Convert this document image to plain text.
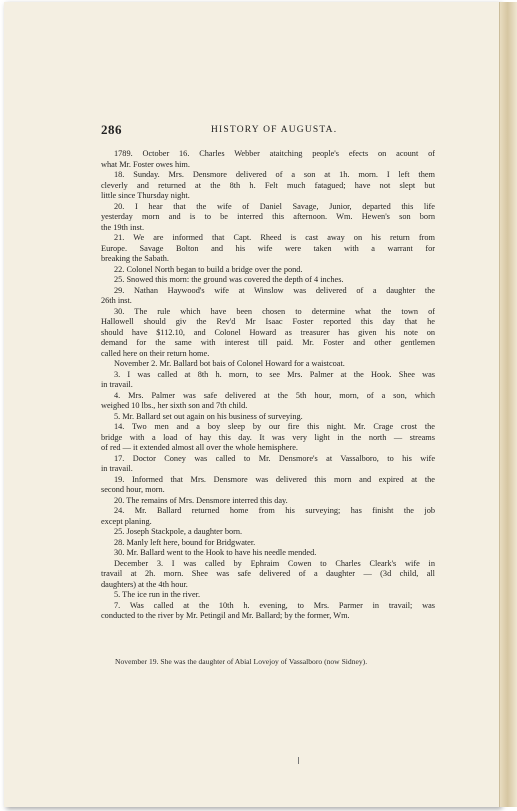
286	HISTORY OF AUGUSTA.
1789. October 16. Charles Webber ataitching people's efects on acount of
what Mr. Foster owes him.
18. Sunday. Mrs. Densmore delivered of a son at 1h. morn. I left them
cleverly and returned at the 8th h. Felt much fatagued; have not slept but
little since Thursday night.
20. I hear that the wife of Daniel Savage, Junior, departed this life
yesterday morn and is to be interred this afternoon. Wm. Hewen's son born
the 19th inst.
21. We are informed that Capt. Rheed is cast away on his return from
Europe. Savage Bolton and his wife were taken with a warrant for
breaking the Sabath.
22. Colonel North began to build a bridge over the pond.
25. Snowed this morn: the ground was covered the depth of 4 inches.
29. Nathan Haywood's wife at Winslow was delivered of a daughter the
26th inst.
30. The rule which have been chosen to determine what the town of
Hallowell should giv the Rev'd Mr Isaac Foster reported this day that he
should have $112.10, and Colonel Howard as treasurer has given his note on
demand for the same with interest till paid. Mr. Foster and other gentlemen
called here on their return home.
November 2. Mr. Ballard bot bais of Colonel Howard for a waistcoat.
3. I was called at 8th h. morn, to see Mrs. Palmer at the Hook. Shee was
in travail.
4. Mrs. Palmer was safe delivered at the 5th hour, morn, of a son, which
weighed 10 lbs., her sixth son and 7th child.
5. Mr. Ballard set out again on his business of surveying.
14. Two men and a boy sleep by our fire this night. Mr. Crage crost the
bridge with a load of hay this day. It was very light in the north — streams
of red — it extended almost all over the whole hemisphere.
17. Doctor Coney was called to Mr. Densmore's at Vassalboro, to his wife
in travail.
19. Informed that Mrs. Densmore was delivered this morn and expired at the
second hour, morn.
20. The remains of Mrs. Densmore interred this day.
24. Mr. Ballard returned home from his surveying; has finisht the job
except planing.
25. Joseph Stackpole, a daughter born.
28. Manly left here, bound for Bridgwater.
30. Mr. Ballard went to the Hook to have his needle mended.
December 3. I was called by Ephraim Cowen to Charles Cleark's wife in
travail at 2h. morn. Shee was safe delivered of a daughter — (3d child, all
daughters) at the 4th hour.
5. The ice run in the river.
7. Was called at the 10th h. evening, to Mrs. Parmer in travail; was
conducted to the river by Mr. Petingil and Mr. Ballard; by the former, Wm.
November 19. She was the daughter of Abial Lovejoy of Vassalboro (now Sidney).
